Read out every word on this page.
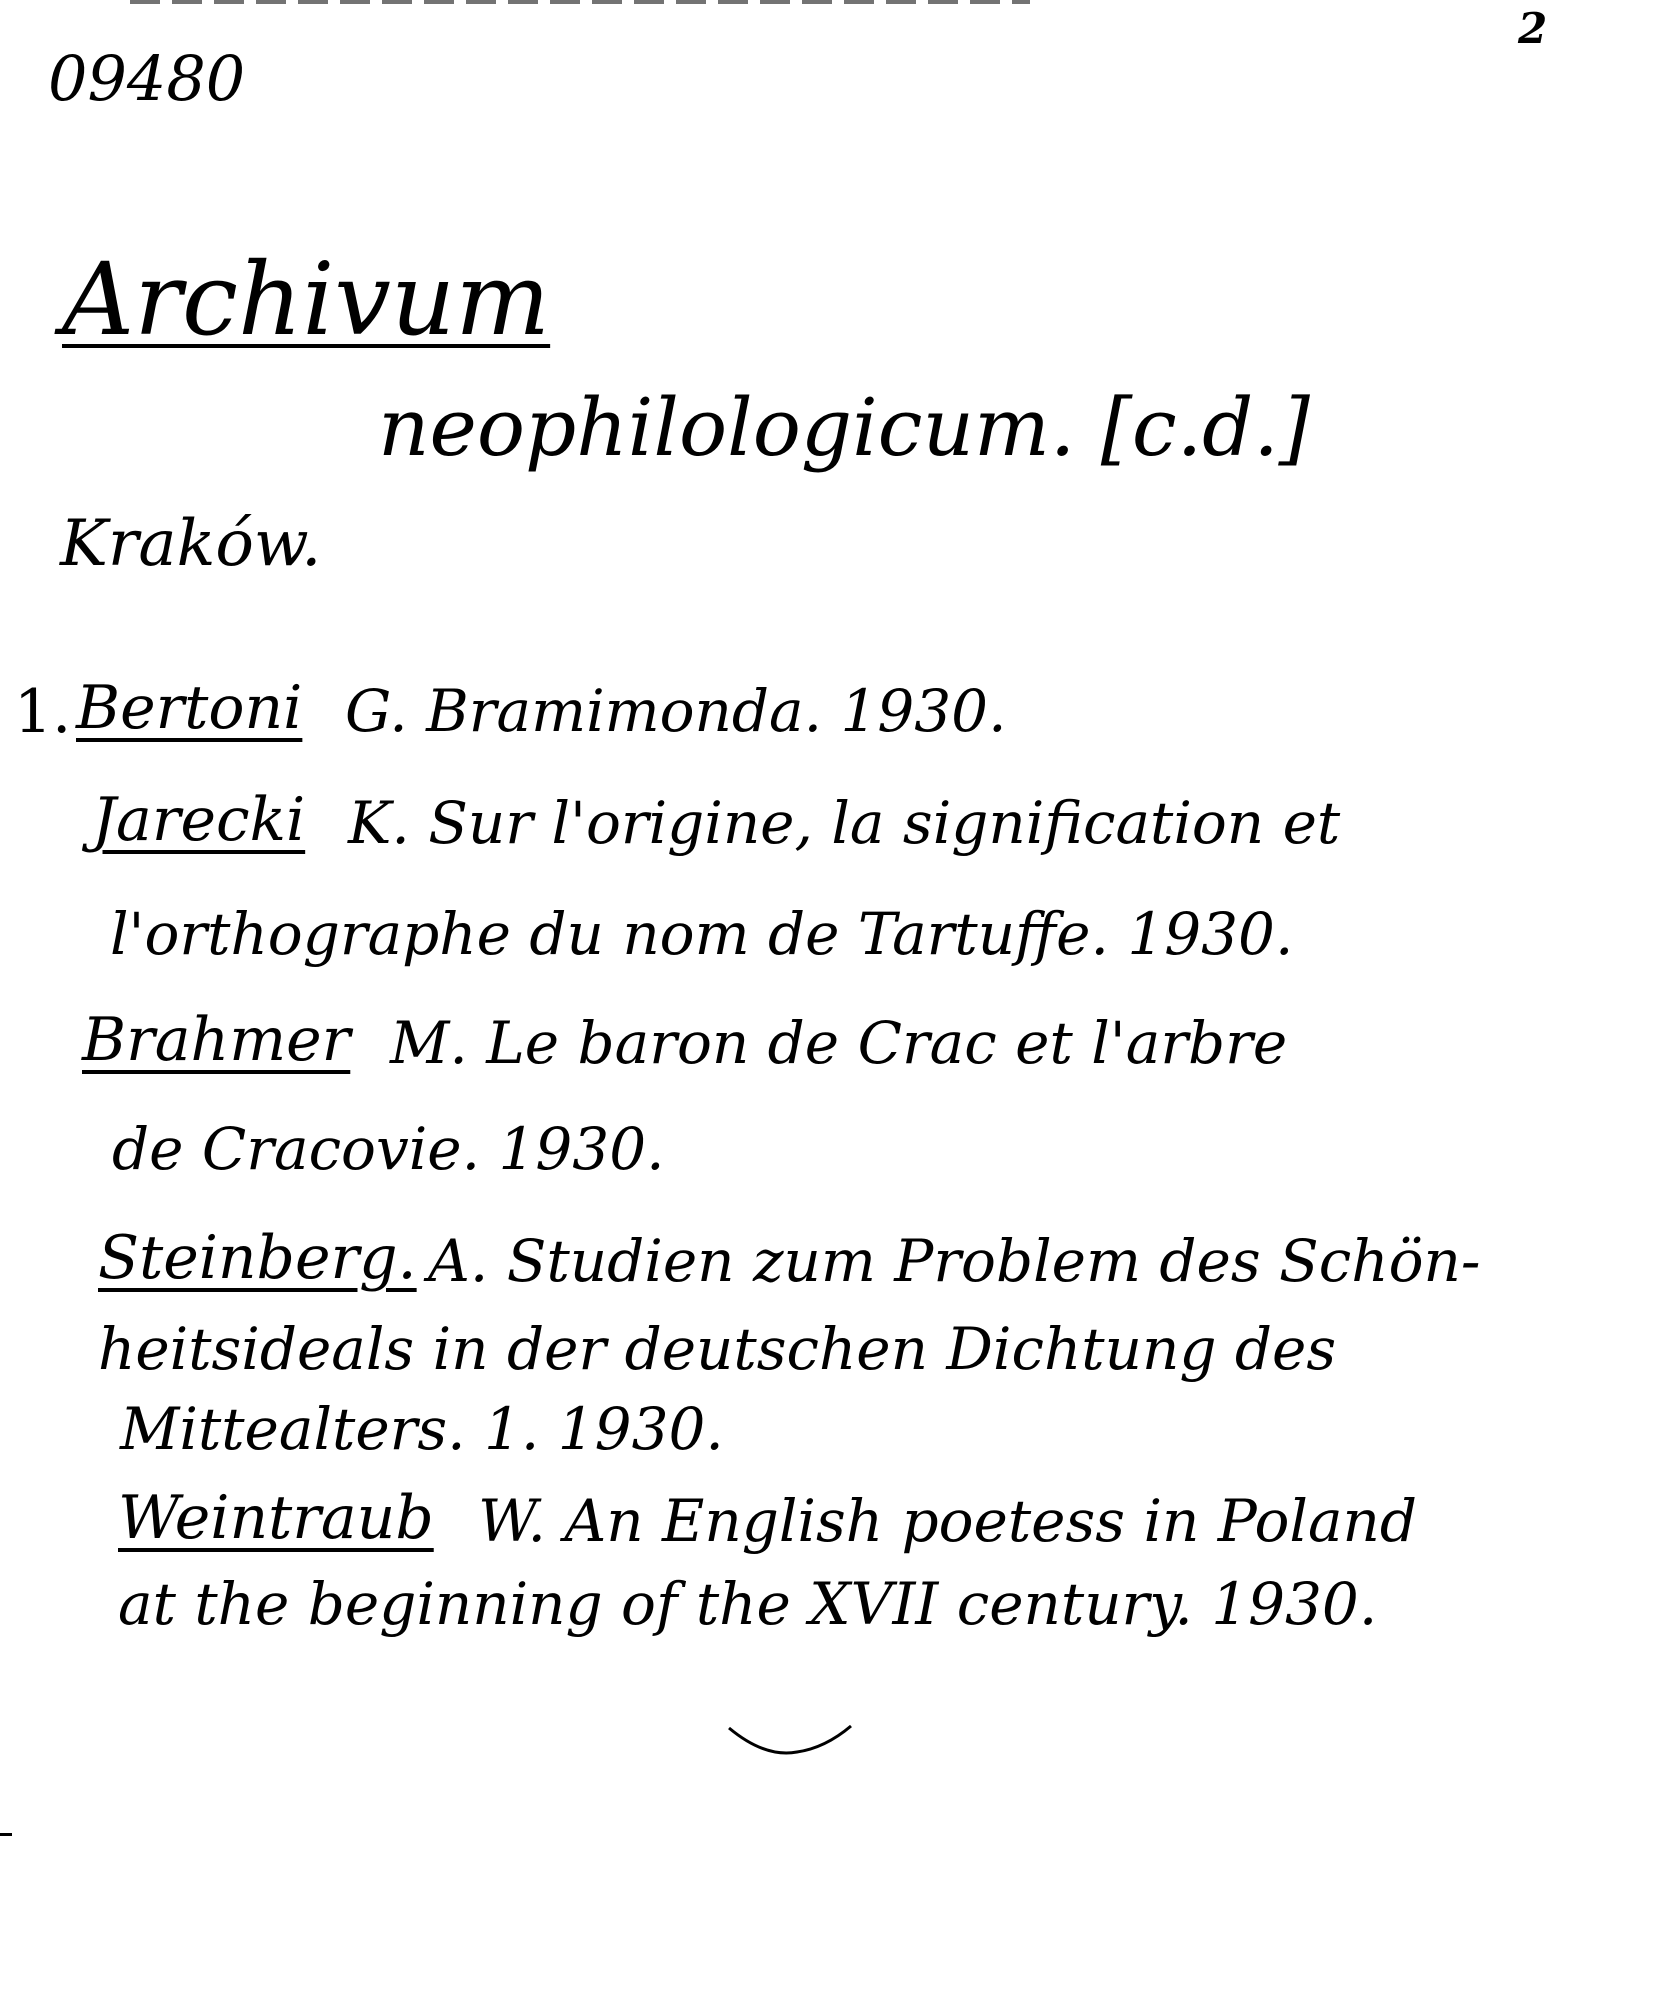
09480
2
Archivum
neophilologicum. [c.d.]
Kraków.
1. Bertoni G. Bramimonda. 1930.
Jarecki K. Sur l'origine, la signification et
l'orthographe du nom de Tartuffe. 1930.
Brahmer M. Le baron de Crac et l'arbre
de Cracovie. 1930.
Steinberg. A. Studien zum Problem des Schön-
heitsideals in der deutschen Dichtung des
Mittealters. 1. 1930.
Weintraub W. An English poetess in Poland
at the beginning of the XVII century. 1930.
